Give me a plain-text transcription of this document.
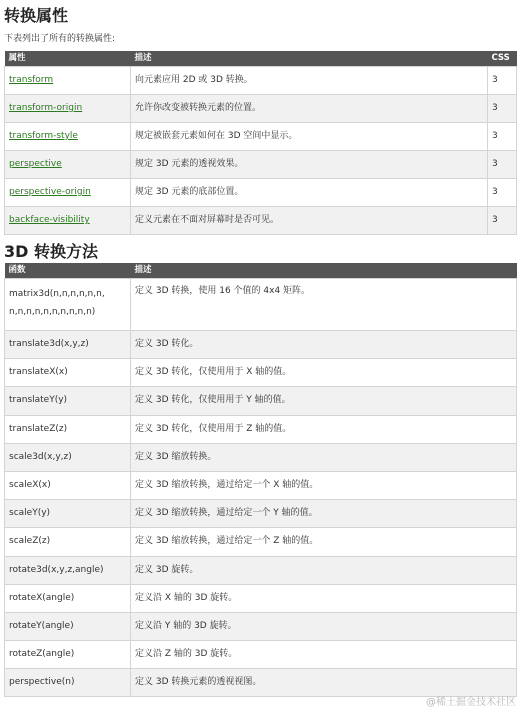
转换属性
下表列出了所有的转换属性:
属性	描述	CSS
transform	向元素应用 2D 或 3D 转换。	3
transform-origin	允许你改变被转换元素的位置。	3
transform-style	规定被嵌套元素如何在 3D 空间中显示。	3
perspective	规定 3D 元素的透视效果。	3
perspective-origin	规定 3D 元素的底部位置。	3
backface-visibility	定义元素在不面对屏幕时是否可见。	3
3D 转换方法
函数	描述
matrix3d(n,n,n,n,n,n,
n,n,n,n,n,n,n,n,n,n)	定义 3D 转换，使用 16 个值的 4x4 矩阵。
translate3d(x,y,z)	定义 3D 转化。
translateX(x)	定义 3D 转化，仅使用用于 X 轴的值。
translateY(y)	定义 3D 转化，仅使用用于 Y 轴的值。
translateZ(z)	定义 3D 转化，仅使用用于 Z 轴的值。
scale3d(x,y,z)	定义 3D 缩放转换。
scaleX(x)	定义 3D 缩放转换，通过给定一个 X 轴的值。
scaleY(y)	定义 3D 缩放转换，通过给定一个 Y 轴的值。
scaleZ(z)	定义 3D 缩放转换，通过给定一个 Z 轴的值。
rotate3d(x,y,z,angle)	定义 3D 旋转。
rotateX(angle)	定义沿 X 轴的 3D 旋转。
rotateY(angle)	定义沿 Y 轴的 3D 旋转。
rotateZ(angle)	定义沿 Z 轴的 3D 旋转。
perspective(n)	定义 3D 转换元素的透视视图。
@稀土掘金技术社区
